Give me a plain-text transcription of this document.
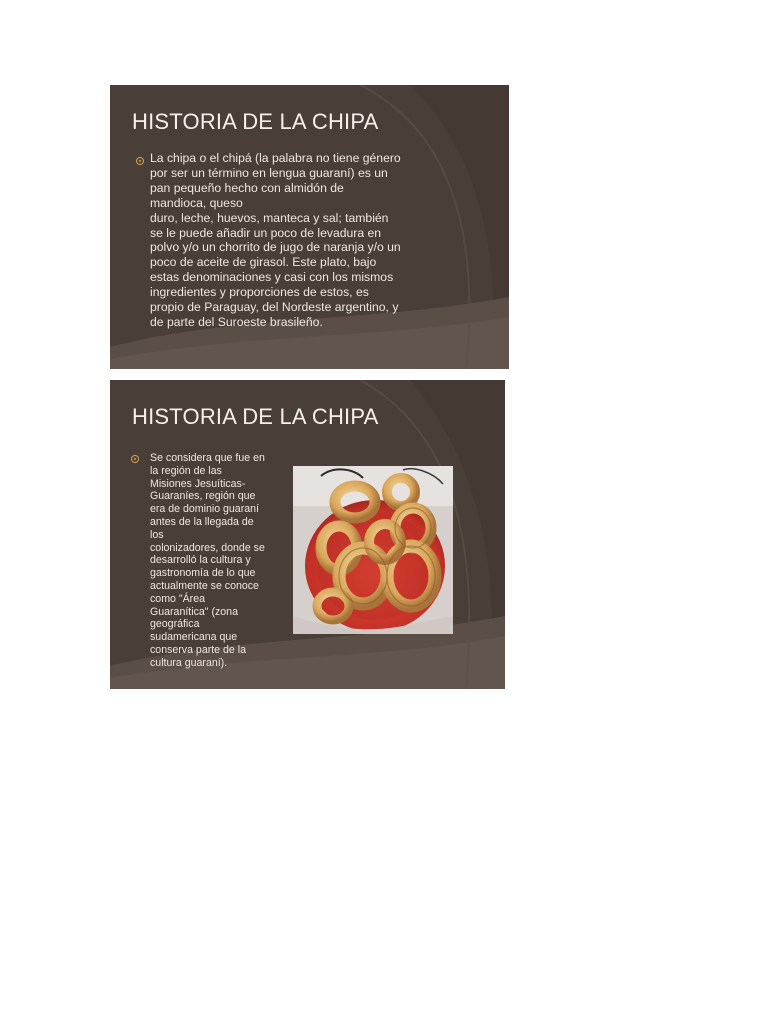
HISTORIA DE LA CHIPA

La chipa o el chipá (la palabra no tiene género
por ser un término en lengua guaraní) es un
pan pequeño hecho con almidón de
mandioca, queso
duro, leche, huevos, manteca y sal; también
se le puede añadir un poco de levadura en
polvo y/o un chorrito de jugo de naranja y/o un
poco de aceite de girasol. Este plato, bajo
estas denominaciones y casi con los mismos
ingredientes y proporciones de estos, es
propio de Paraguay, del Nordeste argentino, y
de parte del Suroeste brasileño.

HISTORIA DE LA CHIPA

Se considera que fue en
la región de las
Misiones Jesuíticas-
Guaraníes, región que
era de dominio guaraní
antes de la llegada de
los
colonizadores, donde se
desarrolló la cultura y
gastronomía de lo que
actualmente se conoce
como "Área
Guaranítica" (zona
geográfica
sudamericana que
conserva parte de la
cultura guaraní).
